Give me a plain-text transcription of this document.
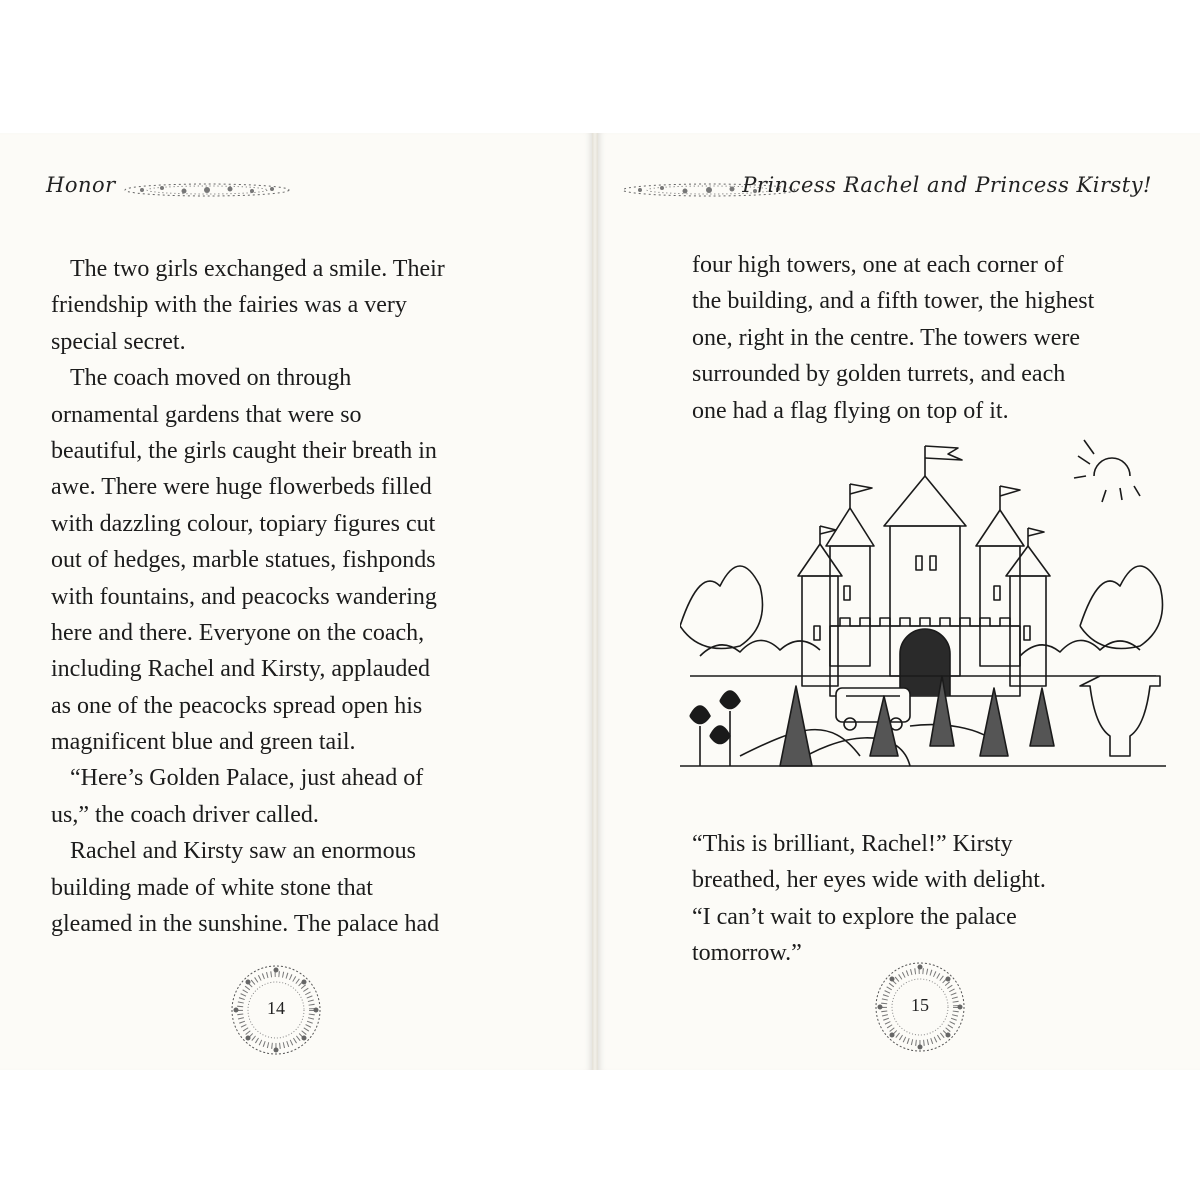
Honor
The two girls exchanged a smile. Their
friendship with the fairies was a very
special secret.
The coach moved on through
ornamental gardens that were so
beautiful, the girls caught their breath in
awe. There were huge flowerbeds filled
with dazzling colour, topiary figures cut
out of hedges, marble statues, fishponds
with fountains, and peacocks wandering
here and there. Everyone on the coach,
including Rachel and Kirsty, applauded
as one of the peacocks spread open his
magnificent blue and green tail.
“Here’s Golden Palace, just ahead of
us,” the coach driver called.
Rachel and Kirsty saw an enormous
building made of white stone that
gleamed in the sunshine. The palace had
14
Princess Rachel and Princess Kirsty!
four high towers, one at each corner of
the building, and a fifth tower, the highest
one, right in the centre. The towers were
surrounded by golden turrets, and each
one had a flag flying on top of it.
“This is brilliant, Rachel!” Kirsty
breathed, her eyes wide with delight.
“I can’t wait to explore the palace
tomorrow.”
15
